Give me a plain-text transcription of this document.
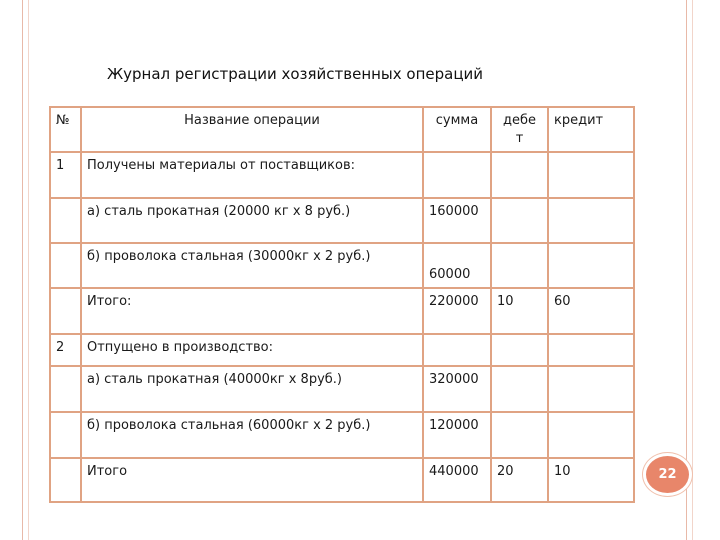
Журнал регистрации хозяйственных операций
№	Название операции	сумма	дебет	кредит
1	Получены материалы от поставщиков:			
	а) сталь прокатная (20000 кг х 8 руб.)	160000		
	б) проволока стальная (30000кг х 2 руб.)	60000		
	Итого:	220000	10	60
2	Отпущено в производство:			
	а) сталь прокатная (40000кг х 8руб.)	320000		
	б) проволока стальная (60000кг х 2 руб.)	120000		
	Итого	440000	20	10	22
